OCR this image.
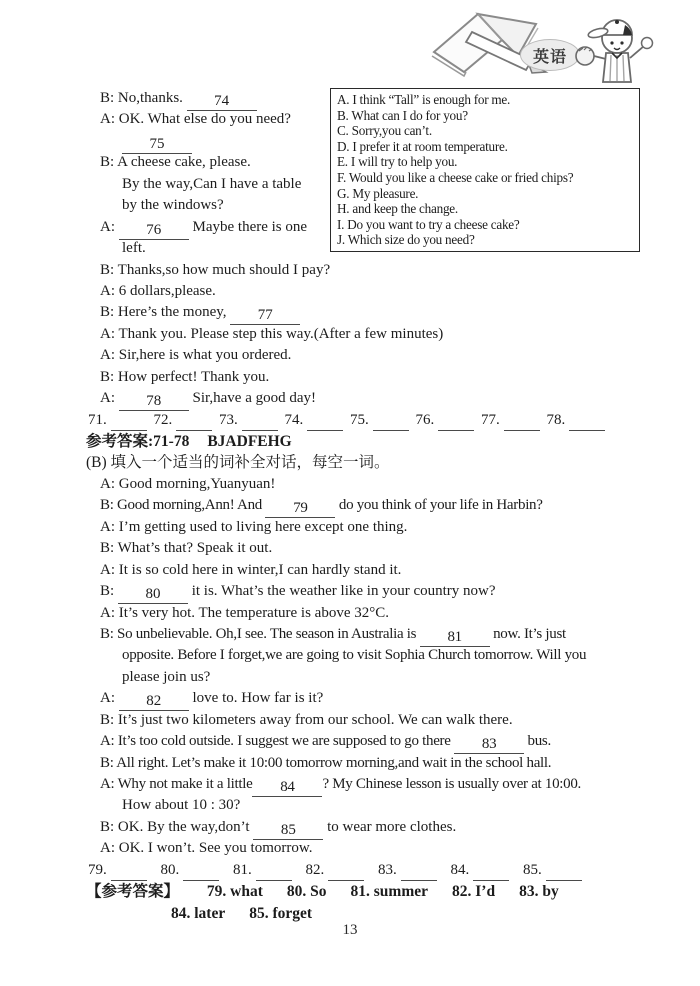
英语
A. I think “Tall” is enough for me.
B. What can I do for you?
C. Sorry,you can’t.
D. I prefer it at room temperature.
E. I will try to help you.
F. Would you like a cheese cake or fried chips?
G. My pleasure.
H. and keep the change.
I. Do you want to try a cheese cake?
J. Which size do you need?
B: No,thanks. 74
A: OK. What else do you need?
75
B: A cheese cake, please.
By the way,Can I have a table
by the windows?
A: 76 Maybe there is one
left.
B: Thanks,so how much should I pay?
A: 6 dollars,please.
B: Here’s the money, 77
A: Thank you. Please step this way.(After a few minutes)
A: Sir,here is what you ordered.
B: How perfect! Thank you.
A: 78 Sir,have a good day!
71.	72.	73.	74.	75.	76.	77.	78.
参考答案:71-78 BJADFEHG
(B) 填入一个适当的词补全对话，每空一词。
A: Good morning,Yuanyuan!
B: Good morning,Ann! And 79 do you think of your life in Harbin?
A: I’m getting used to living here except one thing.
B: What’s that? Speak it out.
A: It is so cold here in winter,I can hardly stand it.
B: 80 it is. What’s the weather like in your country now?
A: It’s very hot. The temperature is above 32°C.
B: So unbelievable. Oh,I see. The season in Australia is 81 now. It’s just
opposite. Before I forget,we are going to visit Sophia Church tomorrow. Will you
please join us?
A: 82 love to. How far is it?
B: It’s just two kilometers away from our school. We can walk there.
A: It’s too cold outside. I suggest we are supposed to go there 83 bus.
B: All right. Let’s make it 10:00 tomorrow morning,and wait in the school hall.
A: Why not make it a little 84 ? My Chinese lesson is usually over at 10:00.
How about 10 : 30?
B: OK. By the way,don’t 85 to wear more clothes.
A: OK. I won’t. See you tomorrow.
79.	80.	81.	82.	83.	84.	85.
【参考答案】 79. what 80. So 81. summer 82. I’d 83. by
84. later 85. forget
13
